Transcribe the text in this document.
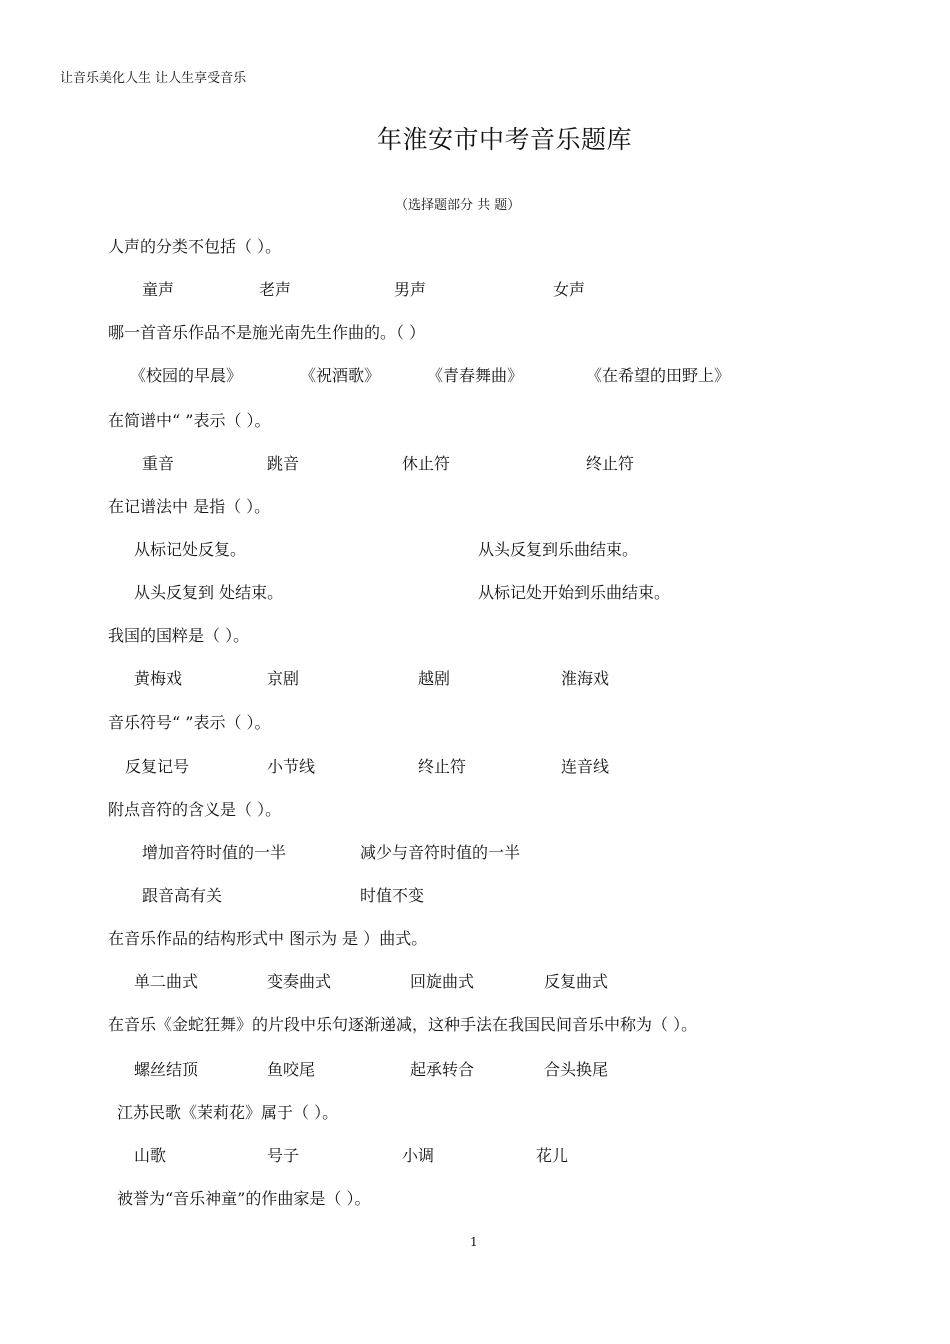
让音乐美化人生 让人生享受音乐
年淮安市中考音乐题库
（选择题部分 共 题）
人声的分类不包括（ ）。
童声	老声	男声	女声
哪一首音乐作品不是施光南先生作曲的。（ ）
《校园的早晨》	《祝酒歌》	《青春舞曲》	《在希望的田野上》
在简谱中“ ”表示（ ）。
重音	跳音	休止符	终止符
在记谱法中 是指（ ）。
从标记处反复。	从头反复到乐曲结束。
从头反复到 处结束。	从标记处开始到乐曲结束。
我国的国粹是（ ）。
黄梅戏	京剧	越剧	淮海戏
音乐符号“ ”表示（ ）。
反复记号	小节线	终止符	连音线
附点音符的含义是（ ）。
增加音符时值的一半	减少与音符时值的一半
跟音高有关	时值不变
在音乐作品的结构形式中 图示为 是 ）曲式。
单二曲式	变奏曲式	回旋曲式	反复曲式
在音乐《金蛇狂舞》的片段中乐句逐渐递减，这种手法在我国民间音乐中称为（ ）。
螺丝结顶	鱼咬尾	起承转合	合头换尾
江苏民歌《茉莉花》属于（ ）。
山歌	号子	小调	花儿
被誉为“音乐神童”的作曲家是（ ）。
1
